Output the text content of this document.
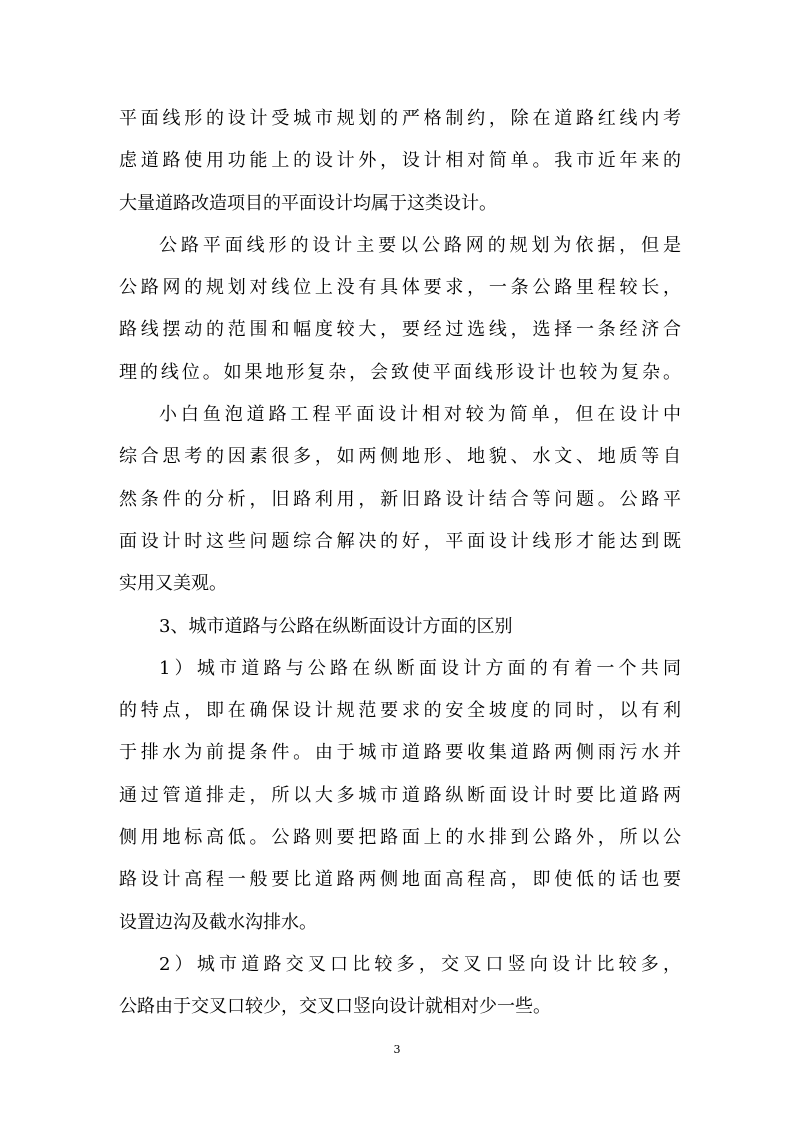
平面线形的设计受城市规划的严格制约，除在道路红线内考
虑道路使用功能上的设计外，设计相对简单。我市近年来的
大量道路改造项目的平面设计均属于这类设计。
公路平面线形的设计主要以公路网的规划为依据，但是
公路网的规划对线位上没有具体要求，一条公路里程较长，
路线摆动的范围和幅度较大，要经过选线，选择一条经济合
理的线位。如果地形复杂，会致使平面线形设计也较为复杂。
小白鱼泡道路工程平面设计相对较为简单，但在设计中
综合思考的因素很多，如两侧地形、地貌、水文、地质等自
然条件的分析，旧路利用，新旧路设计结合等问题。公路平
面设计时这些问题综合解决的好，平面设计线形才能达到既
实用又美观。
3、城市道路与公路在纵断面设计方面的区别
1）城市道路与公路在纵断面设计方面的有着一个共同
的特点，即在确保设计规范要求的安全坡度的同时，以有利
于排水为前提条件。由于城市道路要收集道路两侧雨污水并
通过管道排走，所以大多城市道路纵断面设计时要比道路两
侧用地标高低。公路则要把路面上的水排到公路外，所以公
路设计高程一般要比道路两侧地面高程高，即使低的话也要
设置边沟及截水沟排水。
2）城市道路交叉口比较多，交叉口竖向设计比较多，
公路由于交叉口较少，交叉口竖向设计就相对少一些。
3
